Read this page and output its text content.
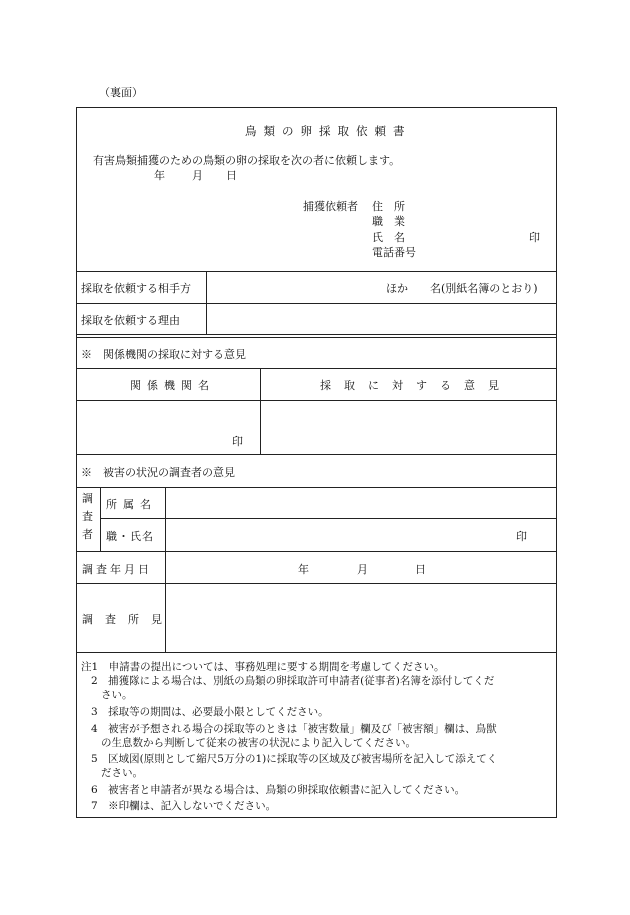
（裏面）
鳥類の卵採取依頼書
有害鳥類捕獲のための鳥類の卵の採取を次の者に依頼します。
年 月 日
捕獲依頼者 住　所
職　業
氏　名	印
電話番号
採取を依頼する相手方	ほか　　名(別紙名簿のとおり)
採取を依頼する理由
※　関係機関の採取に対する意見
関係機関名	採取に対する意見
印
※　被害の状況の調査者の意見
調査者
所属名
職・氏名	印
調査年月日	年	月	日
調査所見
注1　申請書の提出については、事務処理に要する期間を考慮してください。
2　捕獲隊による場合は、別紙の鳥類の卵採取許可申請者(従事者)名簿を添付してくだ
さい。
3　採取等の期間は、必要最小限としてください。
4　被害が予想される場合の採取等のときは「被害数量」欄及び「被害額」欄は、鳥獣
の生息数から判断して従来の被害の状況により記入してください。
5　区域図(原則として縮尺5万分の1)に採取等の区域及び被害場所を記入して添えてく
ださい。
6　被害者と申請者が異なる場合は、鳥類の卵採取依頼書に記入してください。
7　※印欄は、記入しないでください。
